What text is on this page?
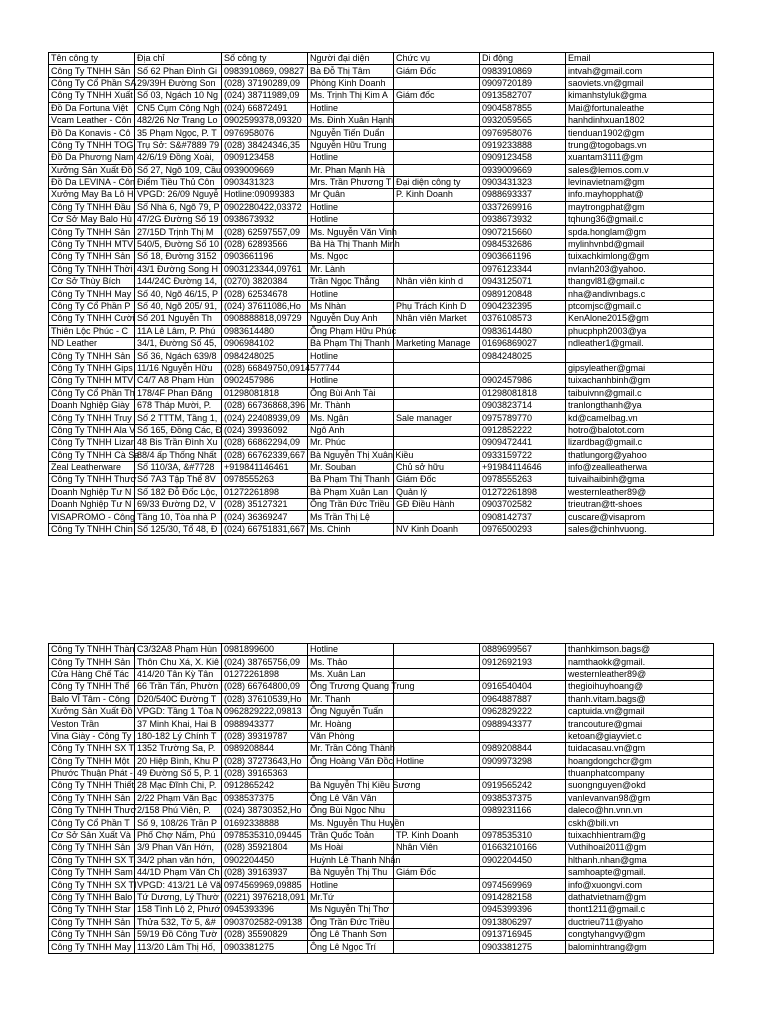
Tên công ty	Địa chỉ	Số công ty	Người đại diện	Chức vụ	Di động	Email
Công Ty TNHH Sản	Số 62 Phan Đình Gi	0983910869, 09827	Bà Đỗ Thị Tâm	Giám Đốc	0983910869	intvah@gmail.com
Công Ty Cổ Phần SA	29/39H Đường Son	(028) 37190289,09	Phòng Kinh Doanh		0909720189	saoviets.vn@gmail
Công Ty TNHH Xuất	Số 03, Ngách 10 Ng	(024) 38711989,09	Ms. Trịnh Thị Kim A	Giám đốc	0913582707	kimanhstyluk@gma
Đồ Da Fortuna Việt	CN5 Cụm Công Ngh	(024) 66872491	Hotline		0904587855	Mai@fortunaleathe
Vcam Leather - Côn	482/26 Nơ Trang Lo	0902599378,09320	Ms. Đinh Xuân Hạnh		0932059565	hanhdinhxuan1802
Đồ Da Konavis - Cô	35 Phạm Ngọc, P. T	0976958076	Nguyễn Tiến Duẩn		0976958076	tienduan1902@gm
Công Ty TNHH TOG	Trụ Sở: S&#7889 79	(028) 38424346,35	Nguyễn Hữu Trung		0919233888	trung@togobags.vn
Đồ Da Phương Nam	42/6/19 Đồng Xoài,	0909123458	Hotline		0909123458	xuantam3111@gm
Xưởng Sản Xuất Đồ	Số 27, Ngõ 109, Cầu	0939009669	Mr. Phan Mạnh Hà		0939009669	sales@lemos.com.v
Đồ Da LEVINA - Côn	Điểm Tiều Thủ Côn	0903431323	Mrs. Trần Phương T	Đại diện công ty	0903431323	levinavietnam@gm
Xưởng May Ba Lô H	VPGD: 26/09 Nguyễ	Hotline:09099383	Mr Quân	P. Kinh Doanh	0988693337	info.mayhopphat@
Công Ty TNHH Đầu	Số Nhà 6, Ngõ 79, P	0902280422,03372	Hotline		0337269916	maytrongphat@gm
Cơ Sở May Balo Hù	47/2G Đường Số 19	0938673932	Hotline		0938673932	tqhung36@gmail.c
Công Ty TNHH Sản	27/15D Trịnh Thị M	(028) 62597557,09	Ms. Nguyễn Văn Vinh		0907215660	spda.honglam@gm
Công Ty TNHH MTV	540/5, Đường Số 10	(028) 62893566	Bà Hà Thị Thanh Minh		0984532686	mylinhvnbd@gmail
Công Ty TNHH Sản	Số 18, Đường 3152	0903661196	Ms. Ngọc		0903661196	tuixachkimlong@gm
Công Ty TNHH Thời	43/1 Đường Song H	0903123344,09761	Mr. Lành		0976123344	nvlanh203@yahoo.
Cơ Sở Thùy Bích	144/24C Đường 14,	(0270) 3820384	Trần Ngọc Thắng	Nhân viên kinh d	0943125071	thangvl81@gmail.c
Công Ty TNHH May	Số 40, Ngõ 46/15, P	(028) 62534678	Hotline		0989120848	nha@andivnbags.c
Công Ty Cổ Phần P	Số 40, Ngõ 205/ 91,	(024) 37611086,Ho	Ms Nhàn	Phụ Trách Kinh D	0904232395	ptcomjsc@gmail.c
Công Ty TNHH Cười	Số 201 Nguyễn Th	0908888818,09729	Nguyễn Duy Anh	Nhân viên Market	0376108573	KenAlone2015@gm
Thiên Lộc Phúc - C	11A Lê Lâm, P. Phú	0983614480	Ông Phạm Hữu Phúc		0983614480	phucphph2003@ya
ND Leather	34/1, Đường Số 45,	0906984102	Bà Phạm Thị Thanh	Marketing Manage	01696869027	ndleather1@gmail.
Công Ty TNHH Sản	Số 36, Ngách 639/8	0984248025	Hotline		0984248025	
Công Ty TNHH Gips	11/16 Nguyễn Hữu	(028) 66849750,0914577744				gipsyleather@gmai
Công Ty TNHH MTV	C4/7 A8 Phạm Hùn	0902457986	Hotline		0902457986	tuixachanhbinh@gm
Công Ty Cổ Phần Th	178/4F Phan Đăng	01298081818	Ông Bùi Anh Tài		01298081818	taibuivnn@gmail.c
Doanh Nghiệp Giày	678 Tháp Mười, P.	(028) 66736868,396	Mr. Thành		0903823714	tranlongthanh@ya
Công Ty TNHH Truy	Số 2 TTTM, Tầng 1,	(024) 22408939,09	Ms. Ngân	Sale manager	0975789770	kd@camelbag.vn
Công Ty TNHH Ala V	Số 165, Đồng Các, Đ	(024) 39936092	Ngô Anh		0912852222	hotro@balotot.com
Công Ty TNHH Lizar	48 Bis Trần Đình Xu	(028) 66862294,09	Mr. Phúc		0909472441	lizardbag@gmail.c
Công Ty TNHH Cà Sa	88/4 ấp Thống Nhất	(028) 66762339,667	Bà Nguyễn Thị Xuân Kiều		0933159722	thatlungorg@yahoo
Zeal Leatherware	Số 110/3A, &#7728	+919841146461	Mr. Souban	Chủ sở hữu	+91984114646	info@zealleatherwa
Công Ty TNHH Thươ	Số 7A3 Tập Thể 8V	0978555263	Bà Phạm Thị Thanh	Giám Đốc	0978555263	tuivaihaibinh@gma
Doanh Nghiệp Tư N	Số 182 Đỗ Đốc Lộc,	01272261898	Bà Phạm Xuân Lan	Quản lý	01272261898	westernleather89@
Doanh Nghiệp Tư N	69/33 Đường D2, V	(028) 35127321	Ông Trần Đức Triều	GĐ Điều Hành	0903702582	trieutran@tt-shoes
VISAPROMO - Công	Tầng 10, Tòa nhà P	(024) 36369247	Ms Trần Thị Lệ		0908142737	cuscare@visaprom
Công Ty TNHH Chin	Số 125/30, Tổ 48, Đ	(024) 66751831,667	Ms. Chinh	NV Kinh Doanh	0976500293	sales@chinhvuong.
Công Ty TNHH Thàn	C3/32A8 Phạm Hùn	0981899600	Hotline		0889699567	thanhkimson.bags@
Công Ty TNHH Sản	Thôn Chu Xá, X. Kiê	(024) 38765756,09	Ms. Thảo		0912692193	namthaokk@gmail.
Cửa Hàng Chế Tác	414/20 Tân Kỳ Tân	01272261898	Ms. Xuân Lan			westernleather89@
Công Ty TNHH Thế	66 Trần Tấn, Phườn	(028) 66764800,09	Ông Trương Quang Trung		0916540404	thegioihuyhoang@
Balo VĨ Tâm - Công	D20/540C Đường T	(028) 37610539,Ho	Mr. Thanh		0964887887	thanh.vitam.bags@
Xưởng Sản Xuất Đồ	VPGD: Tầng 1 Tòa N	0962829222,09813	Ông Nguyễn Tuấn		0962829222	captuida.vn@gmail
Veston Trần	37 Minh Khai, Hai B	0988943377	Mr. Hoàng		0988943377	trancouture@gmai
Vina Giày - Công Ty	180-182 Lý Chính T	(028) 39319787	Văn Phòng			ketoan@giayviet.c
Công Ty TNHH SX T	1352 Trường Sa, P.	0989208844	Mr. Trần Công Thành		0989208844	tuidacasau.vn@gm
Công Ty TNHH Một	20 Hiệp Bình, Khu P	(028) 37273643,Ho	Ông Hoàng Văn Đồc	Hotline	0909973298	hoangdongchcr@gm
Phước Thuận Phát -	49 Đường Số 5, P. 1	(028) 39165363				thuanphatcompany
Công Ty TNHH Thiết	28 Mạc Đĩnh Chi, P.	0912865242	Bà Nguyễn Thị Kiều Sương		0919565242	suongnguyen@okd
Công Ty TNHH Sản	2/22 Phạm Văn Bạc	0938537375	Ông Lê Văn Vân		0938537375	vanlevanvan98@gm
Công Ty TNHH Thươ	2/158 Phú Viên, P.	(024) 38730352,Ho	Ông Bùi Ngọc Nhu		0989231166	daleco@hn.vnn.vn
Công Ty Cổ Phần T	Số 9, 108/26 Trần P	01692338888	Ms. Nguyễn Thu Huyền			cskh@bili.vn
Cơ Sở Sản Xuất Và	Phố Chợ Nấm, Phú	0978535310,09445	Trần Quốc Toản	TP. Kinh Doanh	0978535310	tuixachhientram@g
Công Ty TNHH Sản	3/9 Phan Văn Hớn,	(028) 35921804	Ms Hoài	Nhân Viên	01663210166	Vuthihoai2011@gm
Công Ty TNHH SX T	34/2 phan văn hớn,	0902204450	Huỳnh Lê Thanh Nhân		0902204450	hlthanh.nhan@gma
Công Ty TNHH Sam	44/1D Phạm Văn Ch	(028) 39163937	Bà Nguyễn Thị Thu	Giám Đốc		samhoapte@gmail.
Công Ty TNHH SX TI	VPGD: 413/21 Lê Vă	0974569969,09885	Hotline		0974569969	info@xuongvi.com
Công Ty TNHH Balo	Tứ Dương, Lý Thườ	(0221) 3976218,091	Mr.Tứ		0914282158	dathatvietnam@gm
Công Ty TNHH Star	158 Tình Lộ 2, Phướ	0945393396	Ms Nguyễn Thị Thơ		0945399396	thont1211@gmail.c
Công Ty TNHH Sản	Thửa 532, Tờ 5, &#	0903702582-09138	Ông Trần Đức Triều		0913806297	ductrieu711@yaho
Công Ty TNHH Sản	59/19 Đồ Công Tườ	(028) 35590829	Ông Lê Thanh Sơn		0913716945	congtyhangvy@gm
Công Ty TNHH May	113/20 Lâm Thị Hố,	0903381275	Ông Lê Ngọc Trí		0903381275	balominhtrang@gm
